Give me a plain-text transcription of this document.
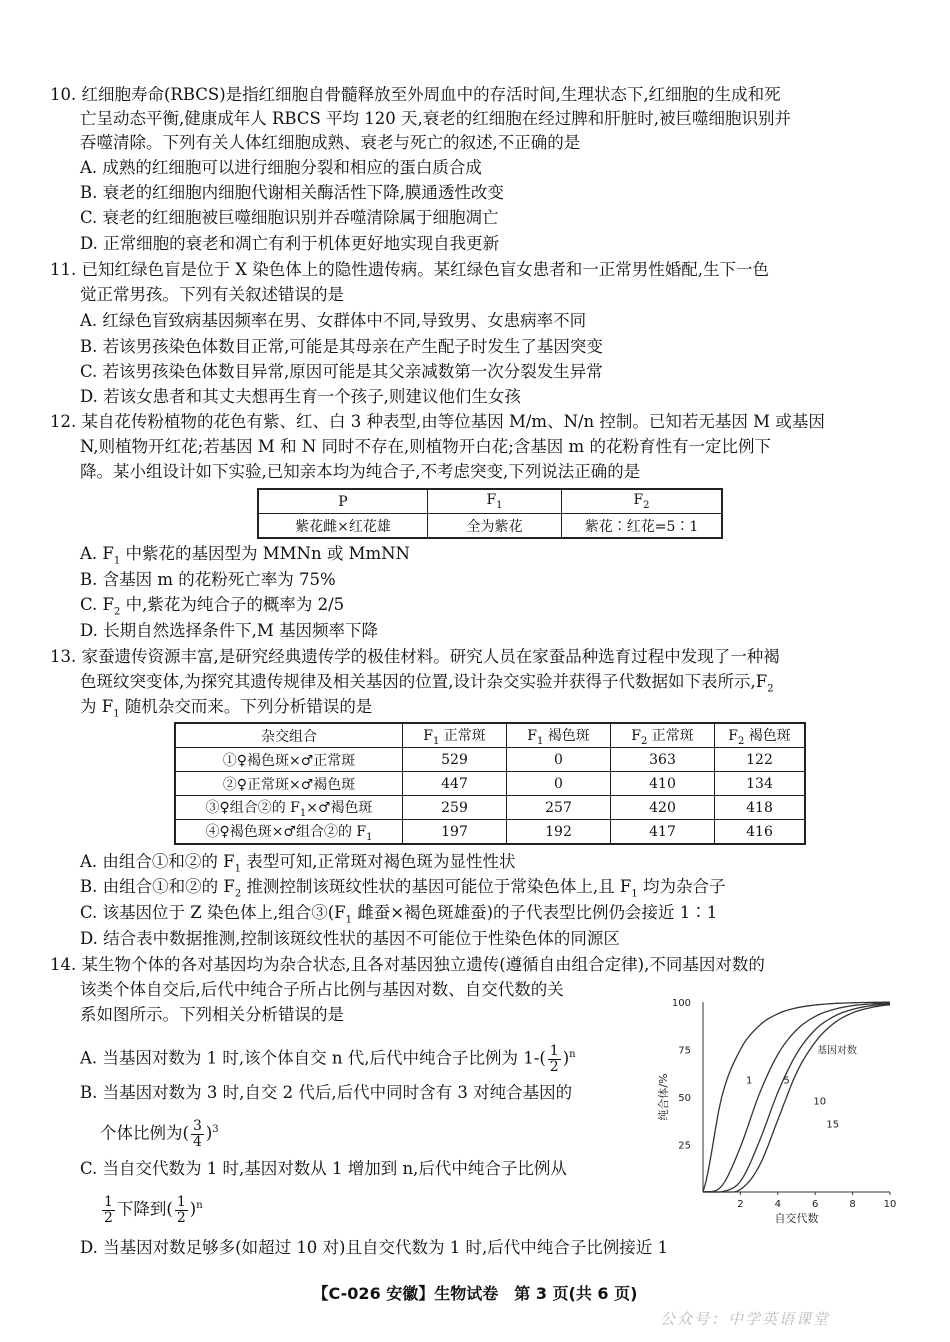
10. 红细胞寿命(RBCS)是指红细胞自骨髓释放至外周血中的存活时间,生理状态下,红细胞的生成和死
亡呈动态平衡,健康成年人 RBCS 平均 120 天,衰老的红细胞在经过脾和肝脏时,被巨噬细胞识别并
吞噬清除。下列有关人体红细胞成熟、衰老与死亡的叙述,不正确的是
A. 成熟的红细胞可以进行细胞分裂和相应的蛋白质合成
B. 衰老的红细胞内细胞代谢相关酶活性下降,膜通透性改变
C. 衰老的红细胞被巨噬细胞识别并吞噬清除属于细胞凋亡
D. 正常细胞的衰老和凋亡有利于机体更好地实现自我更新
11. 已知红绿色盲是位于 X 染色体上的隐性遗传病。某红绿色盲女患者和一正常男性婚配,生下一色
觉正常男孩。下列有关叙述错误的是
A. 红绿色盲致病基因频率在男、女群体中不同,导致男、女患病率不同
B. 若该男孩染色体数目正常,可能是其母亲在产生配子时发生了基因突变
C. 若该男孩染色体数目异常,原因可能是其父亲减数第一次分裂发生异常
D. 若该女患者和其丈夫想再生育一个孩子,则建议他们生女孩
12. 某自花传粉植物的花色有紫、红、白 3 种表型,由等位基因 M/m、N/n 控制。已知若无基因 M 或基因
N,则植物开红花;若基因 M 和 N 同时不存在,则植物开白花;含基因 m 的花粉育性有一定比例下
降。某小组设计如下实验,已知亲本均为纯合子,不考虑突变,下列说法正确的是
P	$F_1$	$F_2$
紫花雌×红花雄	全为紫花	紫花∶红花=5∶1
A. $F_1$ 中紫花的基因型为 MMNn 或 MmNN
B. 含基因 m 的花粉死亡率为 75%
C. $F_2$ 中,紫花为纯合子的概率为 2/5
D. 长期自然选择条件下,M 基因频率下降
13. 家蚕遗传资源丰富,是研究经典遗传学的极佳材料。研究人员在家蚕品种选育过程中发现了一种褐
色斑纹突变体,为探究其遗传规律及相关基因的位置,设计杂交实验并获得子代数据如下表所示$,F_2$
为 $F_1$ 随机杂交而来。下列分析错误的是
杂交组合	$F_1$ 正常斑	$F_1$ 褐色斑	$F_2$ 正常斑	$F_2$ 褐色斑
①♀褐色斑×♂正常斑	529	0	363	122
②♀正常斑×♂褐色斑	447	0	410	134
③♀组合②的 $F_1\times♂$褐色斑	259	257	420	418
④♀褐色斑×♂组合②的 $F_1$	197	192	417	416
A. 由组合①和②的 $F_1$ 表型可知,正常斑对褐色斑为显性性状
B. 由组合①和②的 $F_2$ 推测控制该斑纹性状的基因可能位于常染色体上,且 $F_1$ 均为杂合子
C. 该基因位于 Z 染色体上,组合$③(F_1$ 雌蚕×褐色斑雄蚕)的子代表型比例仍会接近 1∶1
D. 结合表中数据推测,控制该斑纹性状的基因不可能位于性染色体的同源区
14. 某生物个体的各对基因均为杂合状态,且各对基因独立遗传(遵循自由组合定律),不同基因对数的
该类个体自交后,后代中纯合子所占比例与基因对数、自交代数的关
系如图所示。下列相关分析错误的是
A. 当基因对数为 1 时,该个体自交 n 代,后代中纯合子比例为 $1-( \frac{1}{2} )^n$
B. 当基因对数为 3 时,自交 2 代后,后代中同时含有 3 对纯合基因的
个体比例为( $\frac{3}{4} )^3$
C. 当自交代数为 1 时,基因对数从 1 增加到 n,后代中纯合子比例从
$\frac{1}{2}$ 下降到( $\frac{1}{2} )^n$
D. 当基因对数足够多(如超过 10 对)且自交代数为 1 时,后代中纯合子比例接近 1
2	4	6	8	10
25
50
75
100
1	5
10
15
基因对数
自交代数
纯合体/%
【C-026 安徽】生物试卷　第 3 页(共 6 页)
公众号：中学英语课堂
